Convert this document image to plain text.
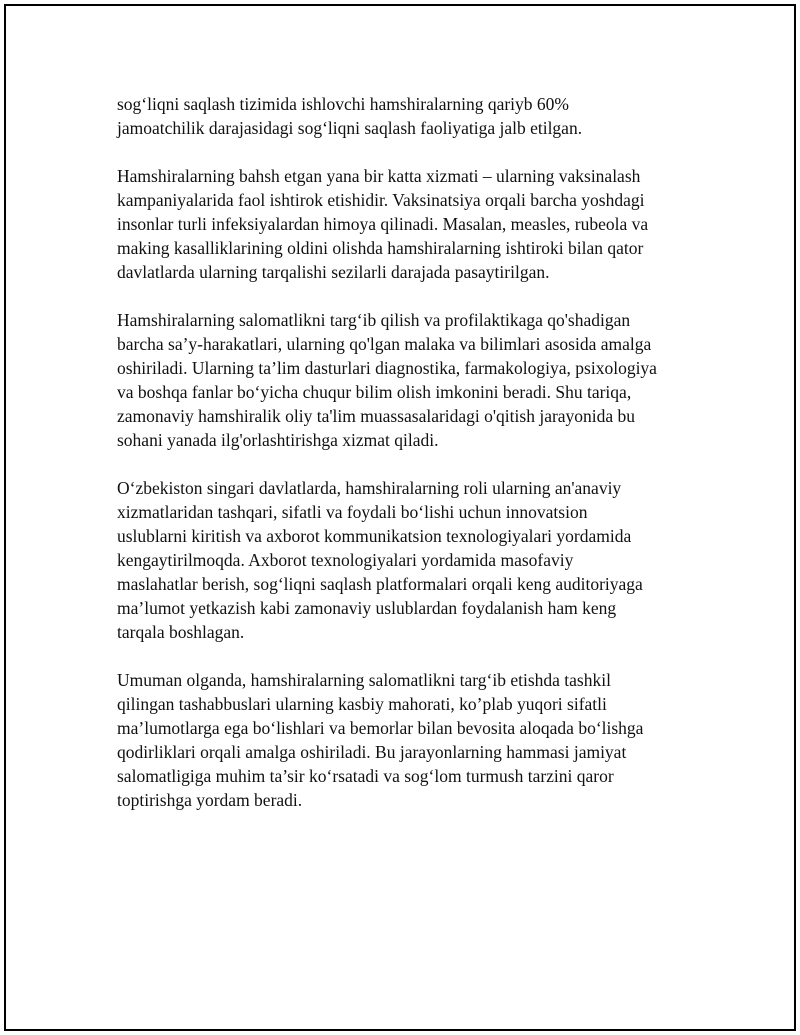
sog‘liqni saqlash tizimida ishlovchi hamshiralarning qariyb 60%
jamoatchilik darajasidagi sog‘liqni saqlash faoliyatiga jalb etilgan.

Hamshiralarning bahsh etgan yana bir katta xizmati – ularning vaksinalash
kampaniyalarida faol ishtirok etishidir. Vaksinatsiya orqali barcha yoshdagi
insonlar turli infeksiyalardan himoya qilinadi. Masalan, measles, rubeola va
making kasalliklarining oldini olishda hamshiralarning ishtiroki bilan qator
davlatlarda ularning tarqalishi sezilarli darajada pasaytirilgan.

Hamshiralarning salomatlikni targ‘ib qilish va profilaktikaga qo'shadigan
barcha sa’y-harakatlari, ularning qo'lgan malaka va bilimlari asosida amalga
oshiriladi. Ularning ta’lim dasturlari diagnostika, farmakologiya, psixologiya
va boshqa fanlar bo‘yicha chuqur bilim olish imkonini beradi. Shu tariqa,
zamonaviy hamshiralik oliy ta'lim muassasalaridagi o'qitish jarayonida bu
sohani yanada ilg'orlashtirishga xizmat qiladi.

O‘zbekiston singari davlatlarda, hamshiralarning roli ularning an'anaviy
xizmatlaridan tashqari, sifatli va foydali bo‘lishi uchun innovatsion
uslublarni kiritish va axborot kommunikatsion texnologiyalari yordamida
kengaytirilmoqda. Axborot texnologiyalari yordamida masofaviy
maslahatlar berish, sog‘liqni saqlash platformalari orqali keng auditoriyaga
ma’lumot yetkazish kabi zamonaviy uslublardan foydalanish ham keng
tarqala boshlagan.

Umuman olganda, hamshiralarning salomatlikni targ‘ib etishda tashkil
qilingan tashabbuslari ularning kasbiy mahorati, ko’plab yuqori sifatli
ma’lumotlarga ega bo‘lishlari va bemorlar bilan bevosita aloqada bo‘lishga
qodirliklari orqali amalga oshiriladi. Bu jarayonlarning hammasi jamiyat
salomatligiga muhim ta’sir ko‘rsatadi va sog‘lom turmush tarzini qaror
toptirishga yordam beradi.
